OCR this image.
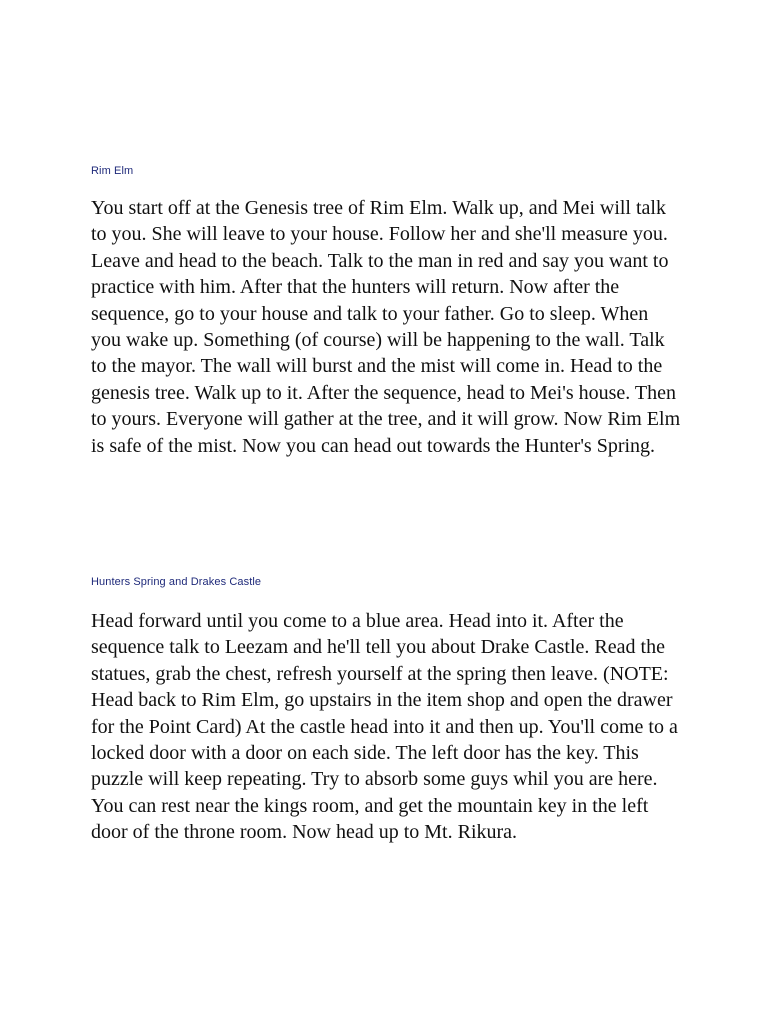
Rim Elm

You start off at the Genesis tree of Rim Elm. Walk up, and Mei will talk to you. She will leave to your house. Follow her and she'll measure you. Leave and head to the beach. Talk to the man in red and say you want to practice with him. After that the hunters will return. Now after the sequence, go to your house and talk to your father. Go to sleep. When you wake up. Something (of course) will be happening to the wall. Talk to the mayor. The wall will burst and the mist will come in. Head to the genesis tree. Walk up to it. After the sequence, head to Mei's house. Then to yours. Everyone will gather at the tree, and it will grow. Now Rim Elm is safe of the mist. Now you can head out towards the Hunter's Spring.

Hunters Spring and Drakes Castle

Head forward until you come to a blue area. Head into it. After the sequence talk to Leezam and he'll tell you about Drake Castle. Read the statues, grab the chest, refresh yourself at the spring then leave. (NOTE: Head back to Rim Elm, go upstairs in the item shop and open the drawer for the Point Card) At the castle head into it and then up. You'll come to a locked door with a door on each side. The left door has the key. This puzzle will keep repeating. Try to absorb some guys whil you are here. You can rest near the kings room, and get the mountain key in the left door of the throne room. Now head up to Mt. Rikura.
